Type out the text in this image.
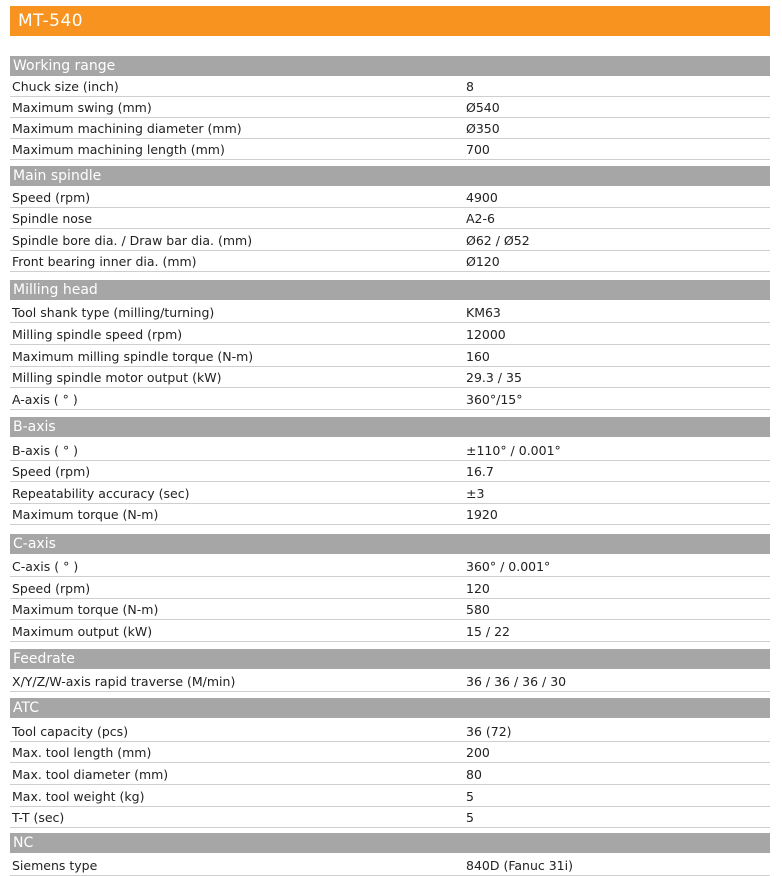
MT-540
Working range
Chuck size (inch)	8
Maximum swing (mm)	Ø540
Maximum machining diameter (mm)	Ø350
Maximum machining length (mm)	700
Main spindle
Speed (rpm)	4900
Spindle nose	A2-6
Spindle bore dia. / Draw bar dia. (mm)	Ø62 / Ø52
Front bearing inner dia. (mm)	Ø120
Milling head
Tool shank type (milling/turning)	KM63
Milling spindle speed (rpm)	12000
Maximum milling spindle torque (N-m)	160
Milling spindle motor output (kW)	29.3 / 35
A-axis ( ° )	360°/15°
B-axis
B-axis ( ° )	±110° / 0.001°
Speed (rpm)	16.7
Repeatability accuracy (sec)	±3
Maximum torque (N-m)	1920
C-axis
C-axis ( ° )	360° / 0.001°
Speed (rpm)	120
Maximum torque (N-m)	580
Maximum output (kW)	15 / 22
Feedrate
X/Y/Z/W-axis rapid traverse (M/min)	36 / 36 / 36 / 30
ATC
Tool capacity (pcs)	36 (72)
Max. tool length (mm)	200
Max. tool diameter (mm)	80
Max. tool weight (kg)	5
T-T (sec)	5
NC
Siemens type	840D (Fanuc 31i)
